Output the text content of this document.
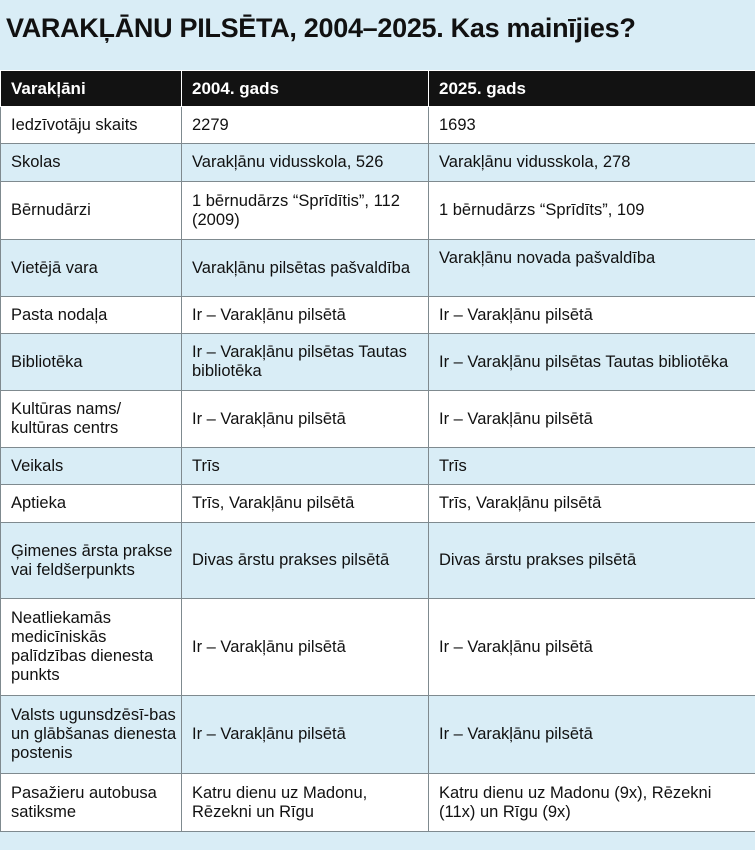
VARAKĻĀNU PILSĒTA, 2004–2025. Kas mainījies?
Varakļāni	2004. gads	2025. gads
Iedzīvotāju skaits	2279	1693
Skolas	Varakļānu vidusskola, 526	Varakļānu vidusskola, 278
Bērnudārzi	1 bērnudārzs “Sprīdītis”, 112 (2009)	1 bērnudārzs “Sprīdīts”, 109
Vietējā vara	Varakļānu pilsētas pašvaldība	Varakļānu novada pašvaldība
Pasta nodaļa	Ir – Varakļānu pilsētā	Ir – Varakļānu pilsētā
Bibliotēka	Ir – Varakļānu pilsētas Tautas bibliotēka	Ir – Varakļānu pilsētas Tautas bibliotēka
Kultūras nams/ kultūras centrs	Ir – Varakļānu pilsētā	Ir – Varakļānu pilsētā
Veikals	Trīs	Trīs
Aptieka	Trīs, Varakļānu pilsētā	Trīs, Varakļānu pilsētā
Ģimenes ārsta prakse vai feldšerpunkts	Divas ārstu prakses pilsētā	Divas ārstu prakses pilsētā
Neatliekamās medicīniskās palīdzības dienesta punkts	Ir – Varakļānu pilsētā	Ir – Varakļānu pilsētā
Valsts ugunsdzēsī-bas un glābšanas dienesta postenis	Ir – Varakļānu pilsētā	Ir – Varakļānu pilsētā
Pasažieru autobusa satiksme	Katru dienu uz Madonu, Rēzekni un Rīgu	Katru dienu uz Madonu (9x), Rēzekni (11x) un Rīgu (9x)
